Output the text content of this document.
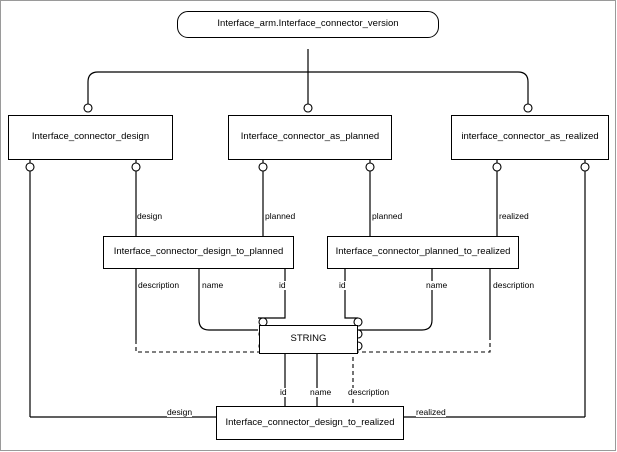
Interface_arm.Interface_connector_version
Interface_connector_design	Interface_connector_as_planned	interface_connector_as_realized
Interface_connector_design_to_planned	Interface_connector_planned_to_realized
STRING
Interface_connector_design_to_realized
design	planned	planned	realized
description	name	id	id	name	description
id	name description
design	realized
